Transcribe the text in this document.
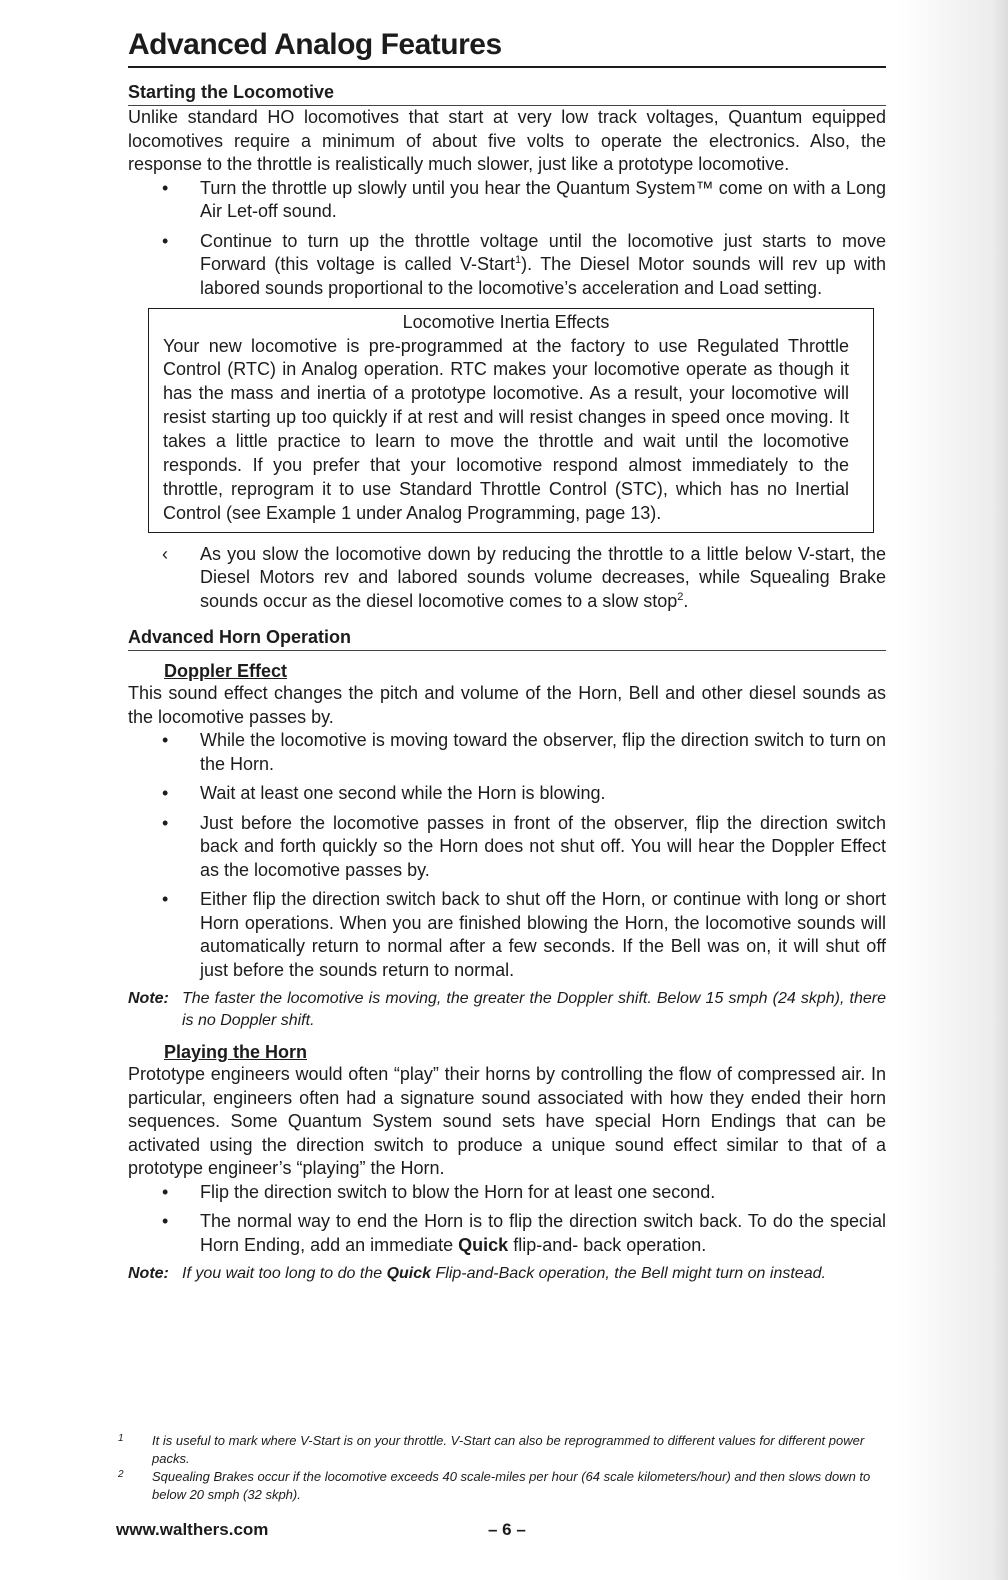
Advanced Analog Features
Starting the Locomotive

Unlike standard HO locomotives that start at very low track voltages, Quantum equipped locomotives require a minimum of about five volts to operate the electronics. Also, the response to the throttle is realistically much slower, just like a prototype locomotive.

• Turn the throttle up slowly until you hear the Quantum System™ come on with a Long Air Let-off sound.
• Continue to turn up the throttle voltage until the locomotive just starts to move Forward (this voltage is called V-Start$^1$). The Diesel Motor sounds will rev up with labored sounds proportional to the locomotive’s acceleration and Load setting.
Locomotive Inertia Effects

Your new locomotive is pre-programmed at the factory to use Regulated Throttle Control (RTC) in Analog operation. RTC makes your locomotive operate as though it has the mass and inertia of a prototype locomotive. As a result, your locomotive will resist starting up too quickly if at rest and will resist changes in speed once moving. It takes a little practice to learn to move the throttle and wait until the locomotive responds. If you prefer that your locomotive respond almost immediately to the throttle, reprogram it to use Standard Throttle Control (STC), which has no Inertial Control (see Example 1 under Analog Programming, page 13).

‹ As you slow the locomotive down by reducing the throttle to a little below V-start, the Diesel Motors rev and labored sounds volume decreases, while Squealing Brake sounds occur as the diesel locomotive comes to a slow stop$^2$.
Advanced Horn Operation
Doppler Effect

This sound effect changes the pitch and volume of the Horn, Bell and other diesel sounds as the locomotive passes by.

• While the locomotive is moving toward the observer, flip the direction switch to turn on the Horn.
• Wait at least one second while the Horn is blowing.
• Just before the locomotive passes in front of the observer, flip the direction switch back and forth quickly so the Horn does not shut off. You will hear the Doppler Effect as the locomotive passes by.
• Either flip the direction switch back to shut off the Horn, or continue with long or short Horn operations. When you are finished blowing the Horn, the locomotive sounds will automatically return to normal after a few seconds. If the Bell was on, it will shut off just before the sounds return to normal.
Note: The faster the locomotive is moving, the greater the Doppler shift. Below 15 smph (24 skph), there is no Doppler shift.
Playing the Horn

Prototype engineers would often “play” their horns by controlling the flow of compressed air. In particular, engineers often had a signature sound associated with how they ended their horn sequences. Some Quantum System sound sets have special Horn Endings that can be activated using the direction switch to produce a unique sound effect similar to that of a prototype engineer’s “playing” the Horn.

• Flip the direction switch to blow the Horn for at least one second.
• The normal way to end the Horn is to flip the direction switch back. To do the special Horn Ending, add an immediate Quick flip-and- back operation.
Note: If you wait too long to do the Quick Flip-and-Back operation, the Bell might turn on instead.
1 It is useful to mark where V-Start is on your throttle. V-Start can also be reprogrammed to different values for different power packs.
2 Squealing Brakes occur if the locomotive exceeds 40 scale-miles per hour (64 scale kilometers/hour) and then slows down to below 20 smph (32 skph).
www.walthers.com	– 6 –
